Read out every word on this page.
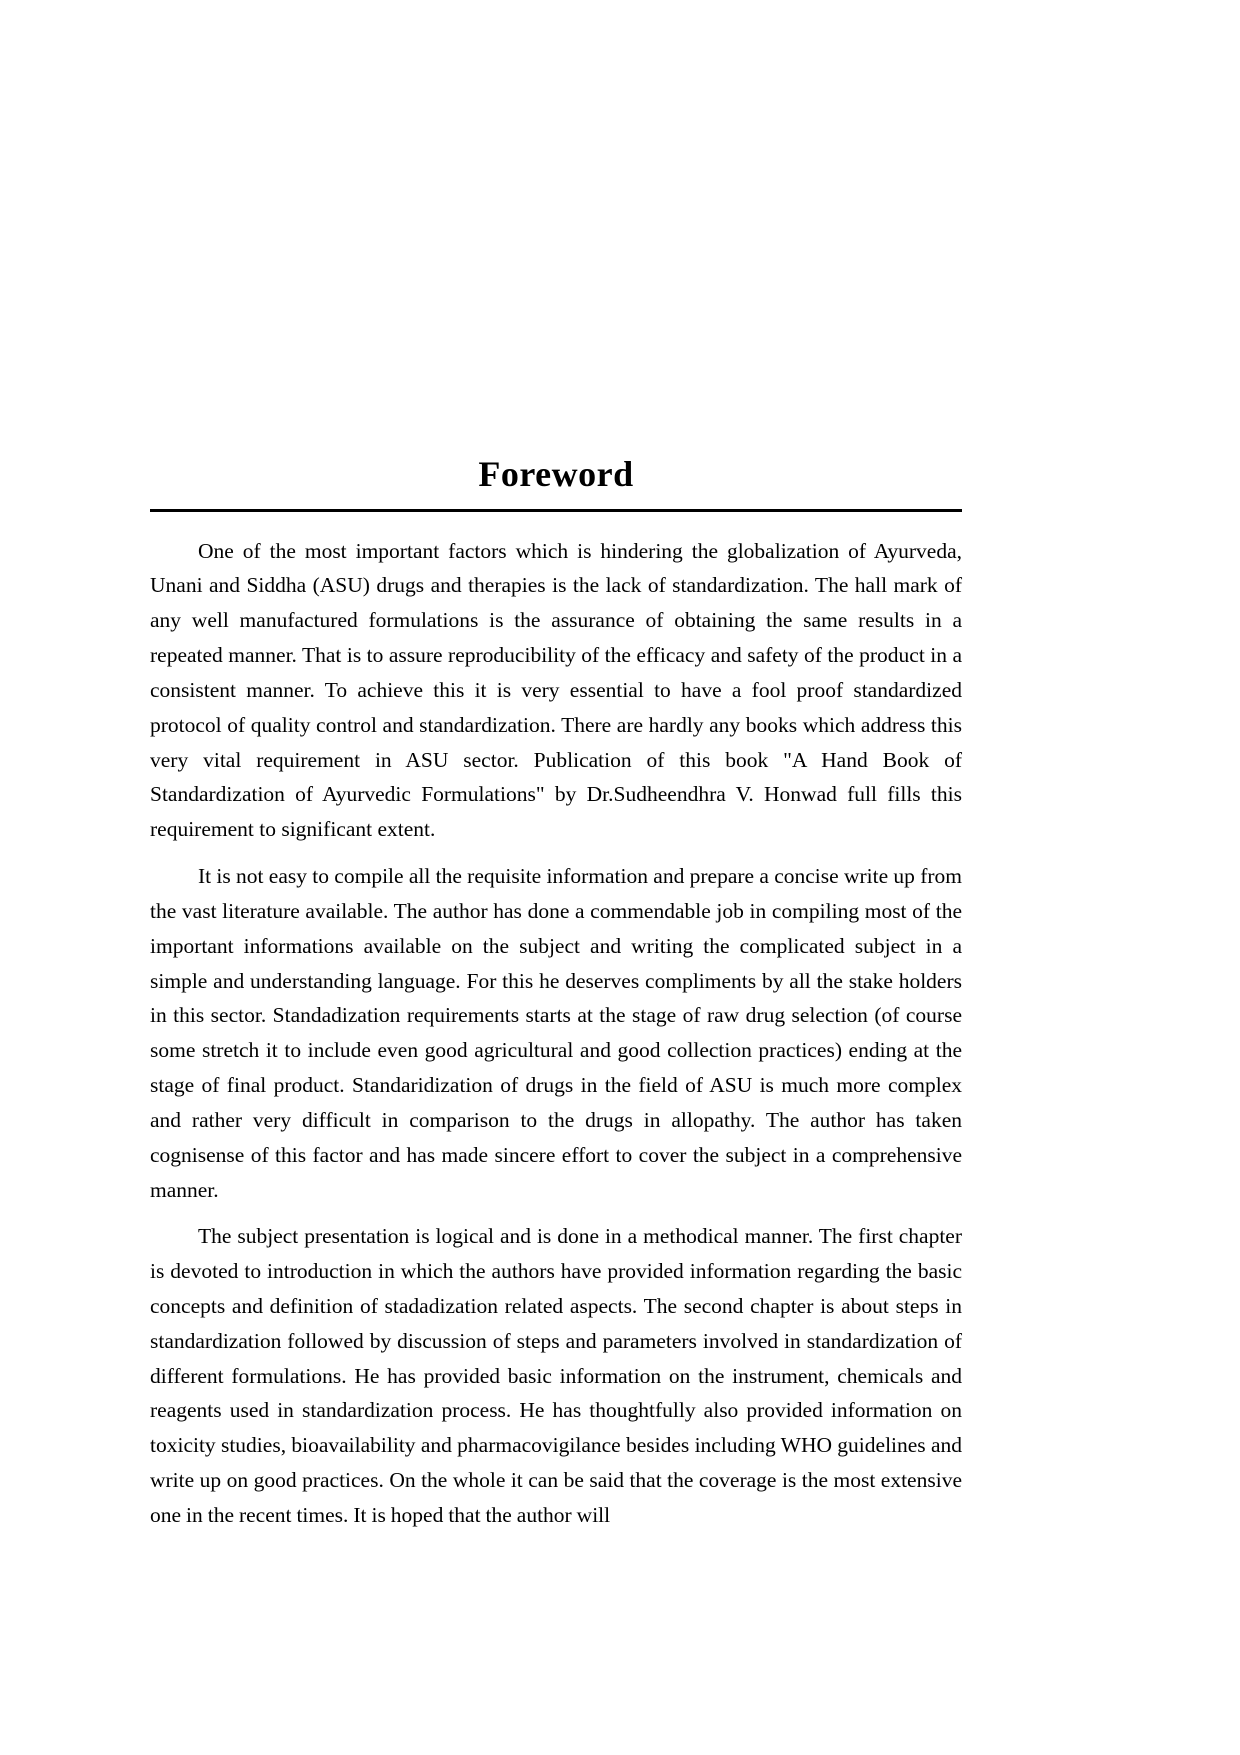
Foreword

One of the most important factors which is hindering the globalization of Ayurveda, Unani and Siddha (ASU) drugs and therapies is the lack of standardization. The hall mark of any well manufactured formulations is the assurance of obtaining the same results in a repeated manner. That is to assure reproducibility of the efficacy and safety of the product in a consistent manner. To achieve this it is very essential to have a fool proof standardized protocol of quality control and standardization. There are hardly any books which address this very vital requirement in ASU sector. Publication of this book "A Hand Book of Standardization of Ayurvedic Formulations" by Dr.Sudheendhra V. Honwad full fills this requirement to significant extent.

It is not easy to compile all the requisite information and prepare a concise write up from the vast literature available. The author has done a commendable job in compiling most of the important informations available on the subject and writing the complicated subject in a simple and understanding language. For this he deserves compliments by all the stake holders in this sector. Standadization requirements starts at the stage of raw drug selection (of course some stretch it to include even good agricultural and good collection practices) ending at the stage of final product. Standaridization of drugs in the field of ASU is much more complex and rather very difficult in comparison to the drugs in allopathy. The author has taken cognisense of this factor and has made sincere effort to cover the subject in a comprehensive manner.

The subject presentation is logical and is done in a methodical manner. The first chapter is devoted to introduction in which the authors have provided information regarding the basic concepts and definition of stadadization related aspects. The second chapter is about steps in standardization followed by discussion of steps and parameters involved in standardization of different formulations. He has provided basic information on the instrument, chemicals and reagents used in standardization process. He has thoughtfully also provided information on toxicity studies, bioavailability and pharmacovigilance besides including WHO guidelines and write up on good practices. On the whole it can be said that the coverage is the most extensive one in the recent times. It is hoped that the author will
